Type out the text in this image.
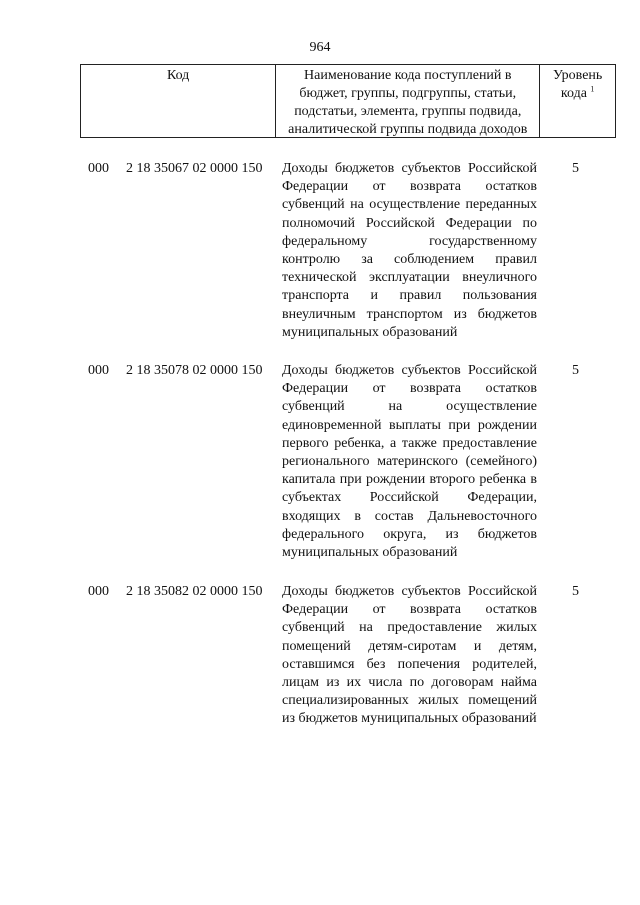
964
Код	Наименование кода поступлений в бюджет, группы, подгруппы, статьи, подстатьи, элемента, группы подвида, аналитической группы подвида доходов
Уровень кода $^1$
000 2 18 35067 02 0000 150 Доходы бюджетов субъектов Российской Федерации от возврата остатков субвенций на осуществление переданных полномочий Российской Федерации по федеральному государственному контролю за соблюдением правил технической эксплуатации внеуличного транспорта и правил пользования внеуличным транспортом из бюджетов муниципальных образований
5
000 2 18 35078 02 0000 150 Доходы бюджетов субъектов Российской Федерации от возврата остатков субвенций на осуществление единовременной выплаты при рождении первого ребенка, а также предоставление регионального материнского (семейного) капитала при рождении второго ребенка в субъектах Российской Федерации, входящих в состав Дальневосточного федерального округа, из бюджетов муниципальных образований
5
000 2 18 35082 02 0000 150 Доходы бюджетов субъектов Российской Федерации от возврата остатков субвенций на предоставление жилых помещений детям-сиротам и детям, оставшимся без попечения родителей, лицам из их числа по договорам найма специализированных жилых помещений из бюджетов муниципальных образований
5
